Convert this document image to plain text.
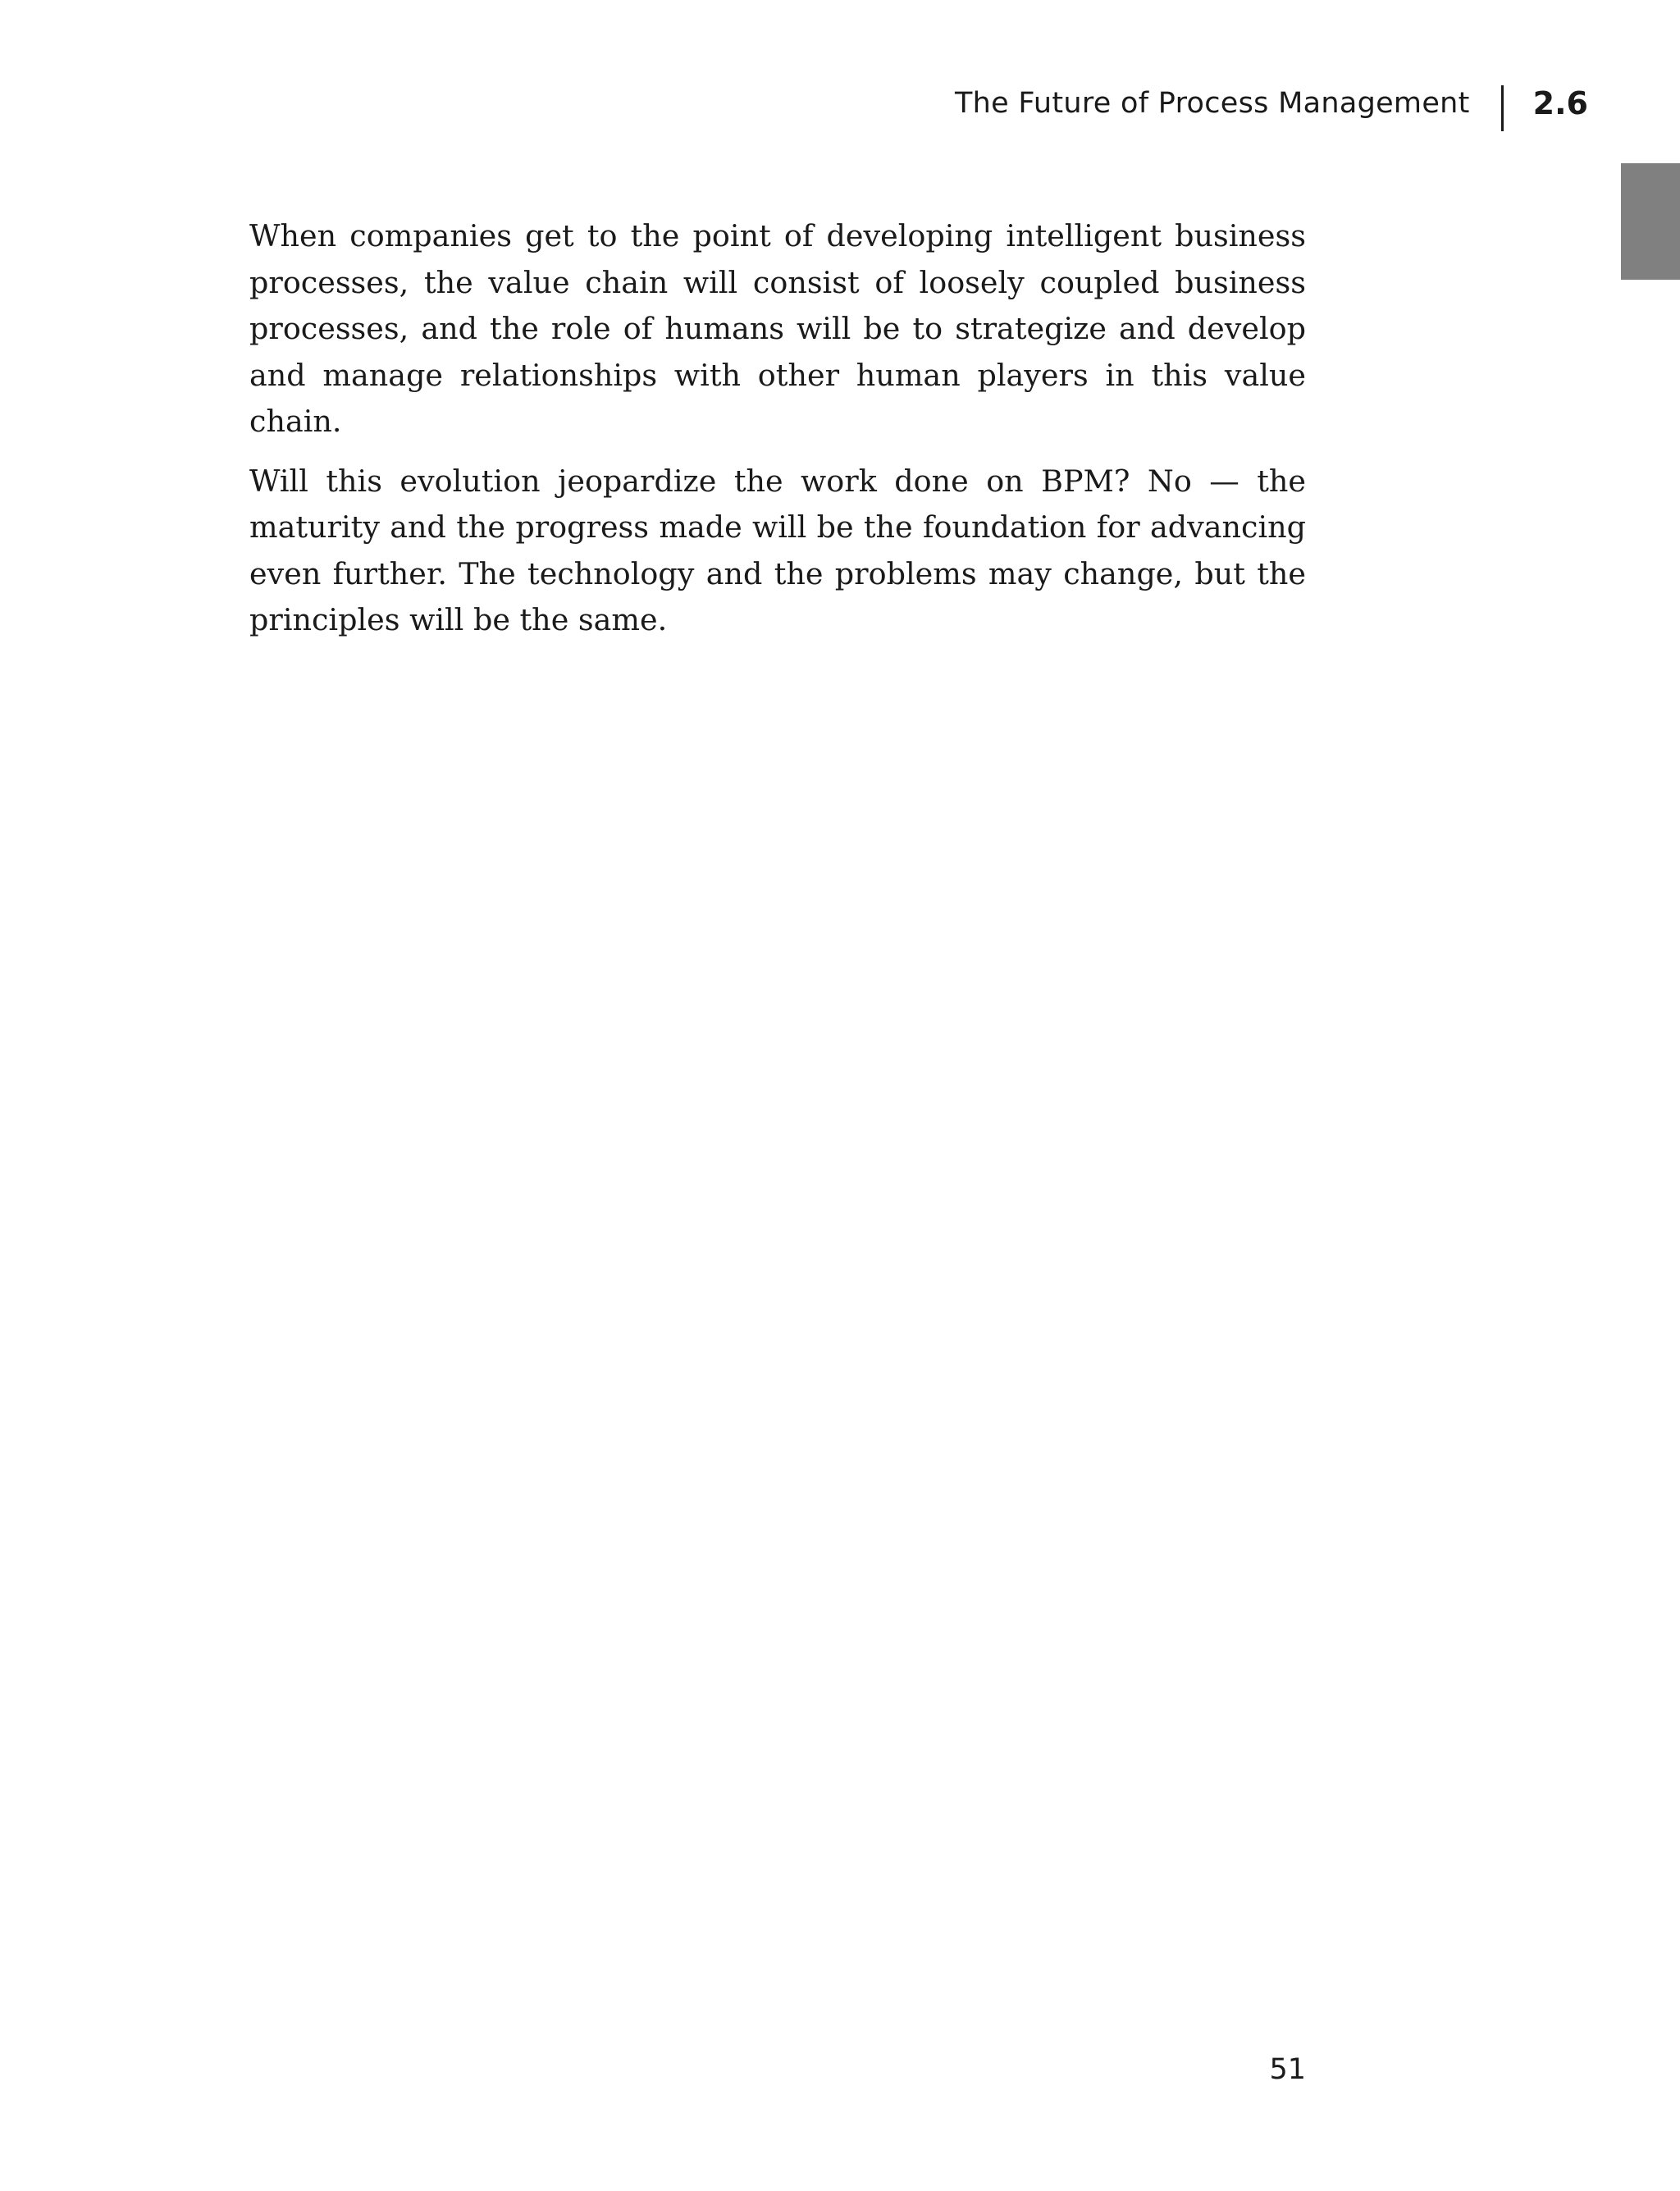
The Future of Process Management 2.6

When companies get to the point of developing intelligent business processes, the value chain will consist of loosely coupled business processes, and the role of humans will be to strategize and develop and manage relationships with other human players in this value chain.

Will this evolution jeopardize the work done on BPM? No — the maturity and the progress made will be the foundation for advancing even further. The technology and the problems may change, but the principles will be the same.

51
